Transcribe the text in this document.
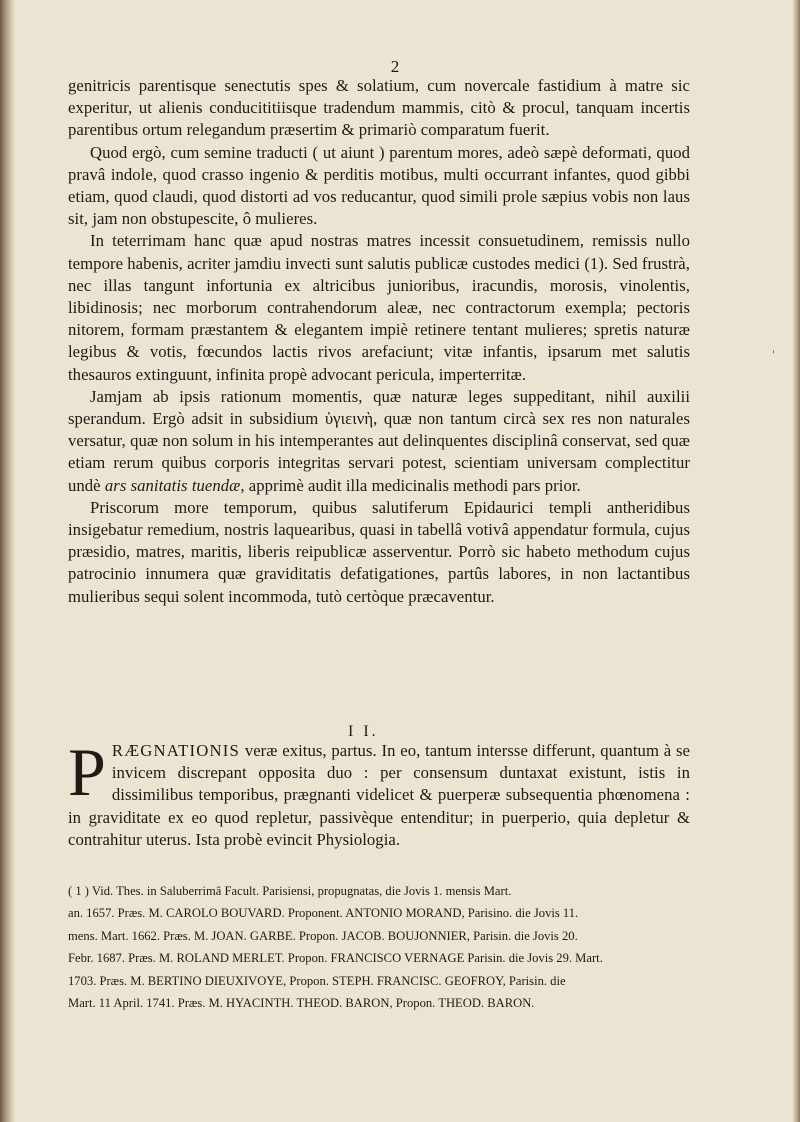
2
'

genitricis parentisque senectutis spes & solatium, cum novercale fastidium à matre sic experitur, ut alienis conducititiisque tradendum mammis, citò & procul, tanquam incertis parentibus ortum relegandum præsertim & primariò comparatum fuerit.

Quod ergò, cum semine traducti ( ut aiunt ) parentum mores, adeò sæpè deformati, quod pravâ indole, quod crasso ingenio & perditis motibus, multi occurrant infantes, quod gibbi etiam, quod claudi, quod distorti ad vos reducantur, quod simili prole sæpius vobis non laus sit, jam non obstupescite, ô mulieres.

In teterrimam hanc quæ apud nostras matres incessit consuetudinem, remissis nullo tempore habenis, acriter jamdiu invecti sunt salutis publicæ custodes medici (1). Sed frustrà, nec illas tangunt infortunia ex altricibus junioribus, iracundis, morosis, vinolentis, libidinosis; nec morborum contrahendorum aleæ, nec contractorum exempla; pectoris nitorem, formam præstantem & elegantem impiè retinere tentant mulieres; spretis naturæ legibus & votis, fœcundos lactis rivos arefaciunt; vitæ infantis, ipsarum met salutis thesauros extinguunt, infinita propè advocant pericula, imperterritæ.

Jamjam ab ipsis rationum momentis, quæ naturæ leges suppeditant, nihil auxilii sperandum. Ergò adsit in subsidium ὑγιεινὴ, quæ non tantum circà sex res non naturales versatur, quæ non solum in his intemperantes aut delinquentes disciplinâ conservat, sed quæ etiam rerum quibus corporis integritas servari potest, scientiam universam complectitur undè ars sanitatis tuendæ, apprimè audit illa medicinalis methodi pars prior.

Priscorum more temporum, quibus salutiferum Epidaurici templi antheridibus insigebatur remedium, nostris laquearibus, quasi in tabellâ votivâ appendatur formula, cujus præsidio, matres, maritis, liberis reipublicæ asserventur. Porrò sic habeto methodum cujus patrocinio innumera quæ graviditatis defatigationes, partûs labores, in non lactantibus mulieribus sequi solent incommoda, tutò certòque præcaventur.

I I.

PRÆGNATIONIS veræ exitus, partus. In eo, tantum intersse differunt, quantum à se invicem discrepant opposita duo : per consensum duntaxat existunt, istis in dissimilibus temporibus, prægnanti videlicet & puerperæ subsequentia phœnomena : in graviditate ex eo quod repletur, passivèque entenditur; in puerperio, quia depletur & contrahitur uterus. Ista probè evincit Physiologia.

( 1 ) Vid. Thes. in Saluberrimâ Facult. Parisiensi, propugnatas, die Jovis 1. mensis Mart.

an. 1657. Præs. M. CAROLO BOUVARD. Proponent. ANTONIO MORAND, Parisino. die Jovis 11.

mens. Mart. 1662. Præs. M. JOAN. GARBE. Propon. JACOB. BOUJONNIER, Parisin. die Jovis 20.

Febr. 1687. Præs. M. ROLAND MERLET. Propon. FRANCISCO VERNAGE Parisin. die Jovis 29. Mart.

1703. Præs. M. BERTINO DIEUXIVOYE, Propon. STEPH. FRANCISC. GEOFROY, Parisin. die

Mart. 11 April. 1741. Præs. M. HYACINTH. THEOD. BARON, Propon. THEOD. BARON.
